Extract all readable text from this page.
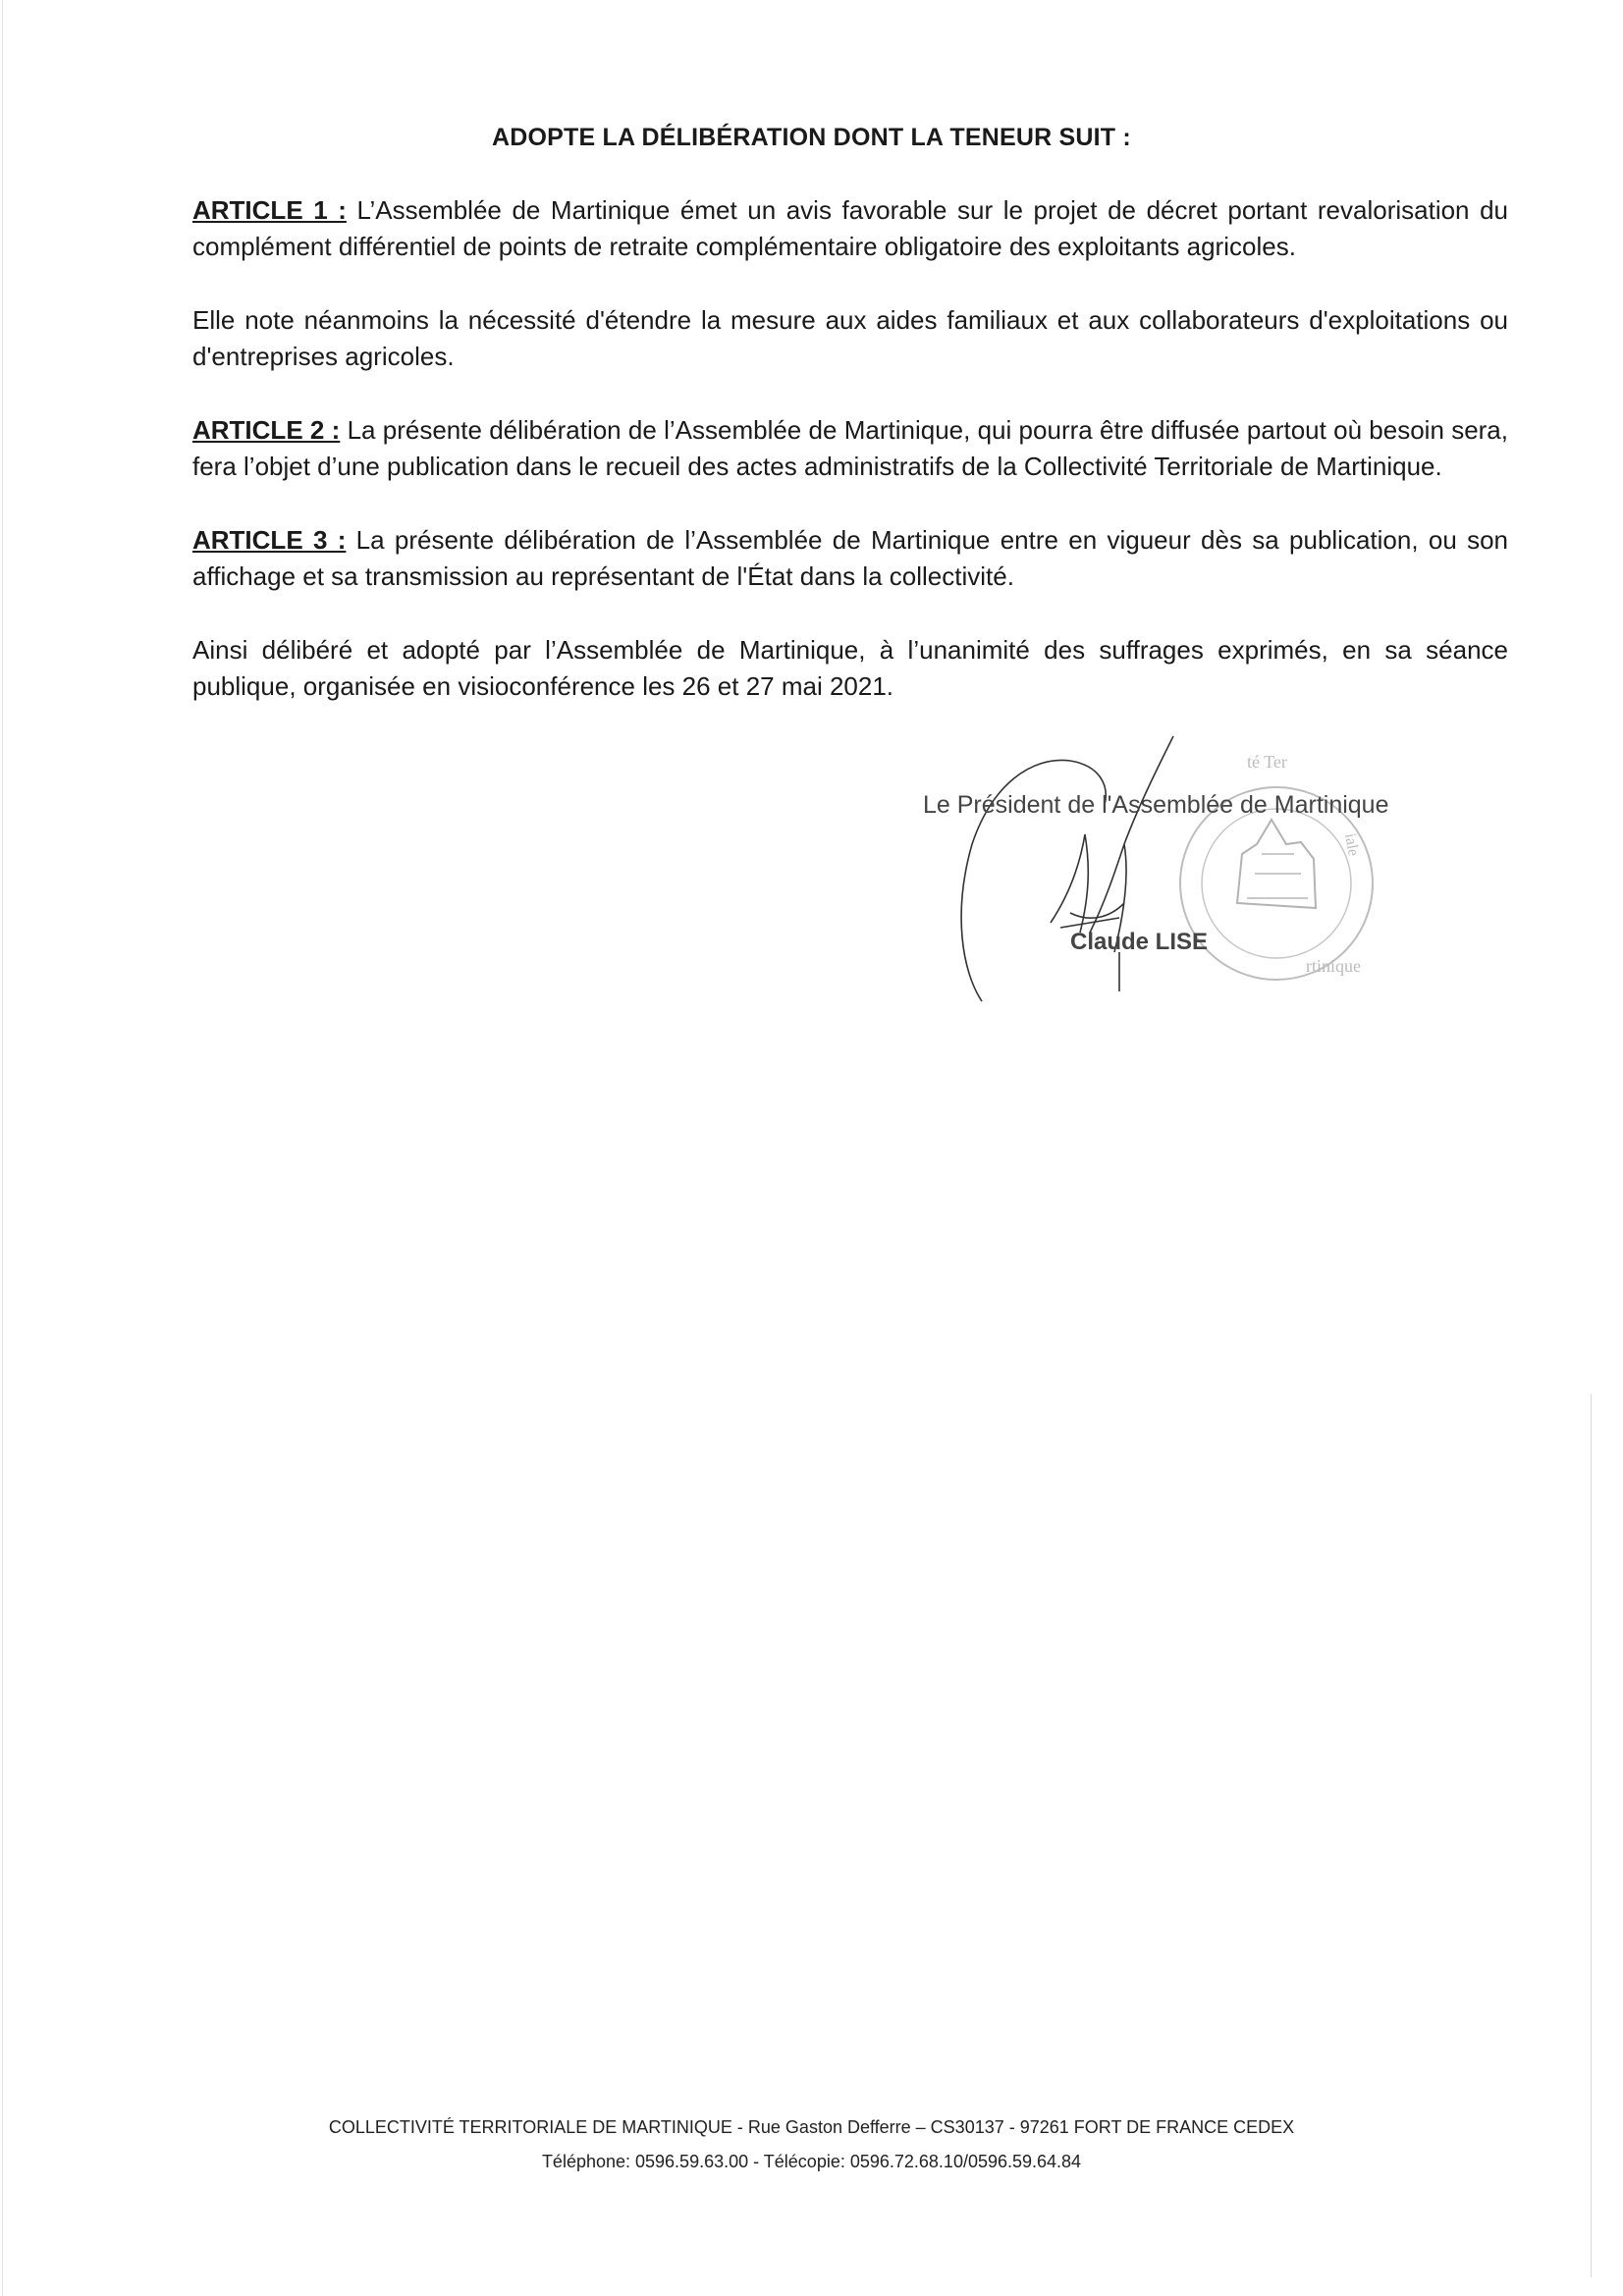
ADOPTE LA DÉLIBÉRATION DONT LA TENEUR SUIT :

ARTICLE 1 : L’Assemblée de Martinique émet un avis favorable sur le projet de décret portant revalorisation du complément différentiel de points de retraite complémentaire obligatoire des exploitants agricoles.

Elle note néanmoins la nécessité d'étendre la mesure aux aides familiaux et aux collaborateurs d'exploitations ou d'entreprises agricoles.

ARTICLE 2 : La présente délibération de l’Assemblée de Martinique, qui pourra être diffusée partout où besoin sera, fera l’objet d’une publication dans le recueil des actes administratifs de la Collectivité Territoriale de Martinique.

ARTICLE 3 : La présente délibération de l’Assemblée de Martinique entre en vigueur dès sa publication, ou son affichage et sa transmission au représentant de l'État dans la collectivité.

Ainsi délibéré et adopté par l’Assemblée de Martinique, à l’unanimité des suffrages exprimés, en sa séance publique, organisée en visioconférence les 26 et 27 mai 2021.

té Ter
rtinique
iale
Le Président de l'Assemblée de Martinique
Claude LISE
COLLECTIVITÉ TERRITORIALE DE MARTINIQUE - Rue Gaston Defferre – CS30137 - 97261 FORT DE FRANCE CEDEX
Téléphone: 0596.59.63.00 - Télécopie: 0596.72.68.10/0596.59.64.84
